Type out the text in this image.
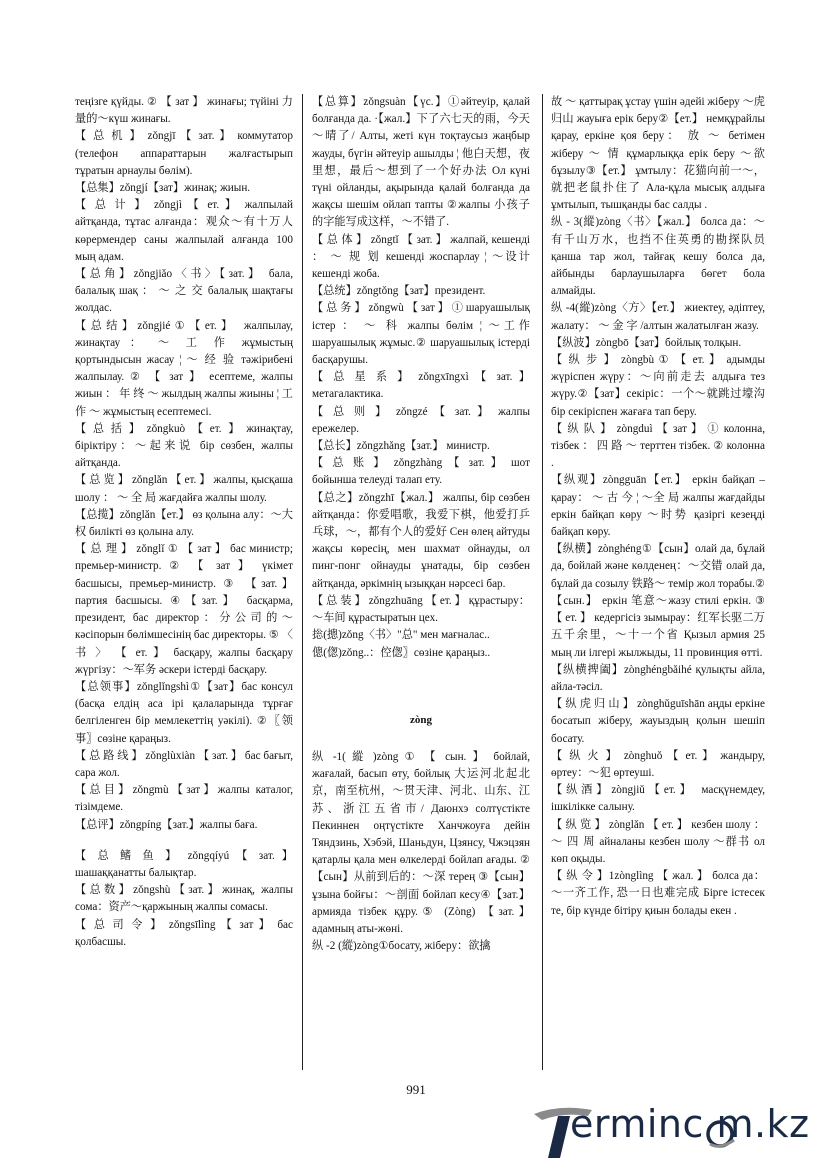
теңізге қүйды. ② 【 зат 】 жинағы; түйіні 力量的～күш жинағы.

【 总 机 】 zǒngjī 【 зат. 】 коммутатор (телефон аппараттарын жалғастырып тұратын арнаулы бөлім).

【总集】zǒngjí【зат】жинақ; жиын.

【 总 计 】 zǒngjì 【 ет. 】 жалпылай айтқанда, тұтас алғанда：观众～有十万人 көрермендер саны жалпылай алғанда 100 мың адам.

【总角】zǒngjiǎo〈书〉【зат.】 бала, балалық шақ ： ～ 之 交 балалық шақтағы жолдас.

【总结】zǒngjié①【ет.】 жалпылау, жинақтау ： ～ 工 作 жұмыстың қортындысын жасау ¦ ～ 经 验 тәжірибені жалпылау. ② 【 зат 】 есептеме, жалпы жиын ： 年 终 ～ жылдың жалпы жиыны ¦ 工 作 ～ жұмыстың есептемесі.

【总括】zǒngkuò【ет.】жинақтау, біріктіру：～起来说 бір сөзбен, жалпы айтқанда.

【 总 览 】 zǒnglǎn 【 ет. 】 жалпы, қысқаша шолу ： ～ 全 局 жағдайға жалпы шолу.

【总揽】zǒnglǎn【ет.】 өз қолына алу：～大权 билікті өз қолына алу.

【 总 理 】 zǒnglǐ ① 【 зат 】 бас министр; премьер-министр. ② 【 зат 】 үкімет басшысы, премьер-министр. ③ 【зат.】 партия басшысы. ④【зат.】 басқарма, президент, бас директор：分公司的～кәсіпорын бөлімшесінің бас директоры. ⑤ 〈 书 〉 【 ет. 】 басқару, жалпы басқару жүргізу：～军务 әскери істерді басқару.

【总领事】zǒnglǐngshì①【зат】бас консул (басқа елдің аса ірі қалаларында тұрғағ белгіленген бір мемлекеттің уәкілі). ②〖领事〗сөзіне қараңыз.

【 总 路 线 】 zǒnglùxiàn 【 зат. 】 бас бағыт, сара жол.

【总目】zǒngmù【зат】жалпы каталог, тізімдеме.

【总评】zǒngpíng【зат.】жалпы баға.

【 总 鳍 鱼 】 zǒngqíyú 【 зат. 】 шашаққанатты балықтар.

【总数】zǒngshù【зат.】жинақ, жалпы сома：资产～қаржының жалпы сомасы.

【 总 司 令 】 zǒngsīlìng 【 зат 】 бас қолбасшы.

【总算】zǒngsuàn【үс.】①әйтеуір, қалай болғанда да. ·【жал.】下了六七天的雨，今天～晴了/ Алты, жеті күн тоқтаусыз жаңбыр жауды, бүгін әйтеуір ашылды ¦ 他白天想，夜里想，最后～想到了一个好办法 Ол күні түні ойланды, ақырында қалай болғанда да жақсы шешім ойлап тапты ②жалпы 小孩子的字能写成这样，～不错了.

【 总 体 】 zǒngtǐ 【 зат. 】 жалпай, кешенді ： ～ 规 划 кешенді жоспарлау ¦ ～设计 кешенді жоба.

【总统】zǒngtǒng【зат】президент.

【 总 务 】 zǒngwù 【 зат 】 ① шаруашылық істер ： ～ 科 жалпы бөлім ¦ ～工作 шаруашылық жұмыс.② шаруашылық істерді басқарушы.

【 总 星 系 】 zǒngxīngxì 【 зат. 】 метагалактика.

【 总 则 】 zǒngzé 【 зат. 】 жалпы ережелер.

【总长】zǒngzhǎng【зат.】 министр.

【 总 账 】 zǒngzhàng 【 зат. 】 шот бойынша телеуді талап ету.

【总之】zǒngzhī【жал.】 жалпы, бір сөзбен айтқанда：你爱唱歌，我爱下棋，他爱打乒乓球，～，都有个人的爱好 Сен өлең айтуды жақсы көресің, мен шахмат ойнауды, ол пинг-понг ойнауды ұнатады, бір сөзбен айтқанда, әркімнің ызыққан нәрсесі бар.

【 总 装 】 zǒngzhuāng 【 ет. 】 құрастыру：～车间 құрастыратын цех.

捴(摠)zǒng〈书〉"总" мен мағналас..

傯(偬)zǒng..：倥偬〗сөзіне қараңыз..

zòng

纵 -1( 縱 )zòng ① 【 сын. 】 бойлай, жағалай, басып өту, бойлық 大运河北起北京，南至杭州，～贯天津、河北、山东、江苏、浙江五省市/ Даюнхэ солтүстіктe Пекиннен оңтүстікте Ханчжоуға дейін Тяндзинь, Хэбэй, Шаньдун, Цзянсу, Чжэцзян қатарлы қала мен өлкелерді бойлап ағады. ②【сын】从前到后的：～深 терең ③【сын】ұзына бойғы：～剖面 бойлап кесу④【зат.】 армияда тізбек құру.⑤ (Zòng) 【зат.】 адамның аты-жөні.

纵 -2 (縱)zòng①босату, жіберу：欲擒

故 ～ қаттырақ ұстау үшін әдейі жіберу ～虎归山 жауығa ерік беру②【ет.】 немқұрайлы қарау, еркіне қоя беру： 放 ～ бетімен жіберу ～ 情 құмарлыққа ерік беру ～欲 бұзылу③【ет.】 ұмтылу：花猫向前一～，就把老鼠扑住了 Ала-құла мысық алдыға ұмтылып, тышқанды бас салды .

纵 - 3(縱)zòng〈书〉【жал.】 болса да：～有千山万水，也挡不住英勇的勘探队员 қанша тар жол, тайғақ кешу болса да, айбынды барлаушыларға бөгет бола алмайды.

纵 -4(縱)zòng〈方〉【ет.】 жиектеу, әдіптеу, жалату： ～ 金 字 /алтын жалатылған жазу.

【纵波】zòngbō【зат】бойлық толқын.

【 纵 步 】 zòngbù ① 【 ет. 】 адымды жүріспен жүру：～向前走去 алдыға тез жүру.②【зат】секіріс：一个～就跳过壕沟 бір секіріспен жағаға тап беру.

【 纵 队 】 zòngduì 【 зат 】 ① колонна, тізбек ： 四 路 ～ терттен тізбек. ② колонна .

【纵观】zòngguān【ет.】 еркін байқап – қарау： ～ 古 今 ¦ ～全 局 жалпы жағдайды еркін байқап көру ～时势 қазіргі кезеңді байқап көру.

【纵横】zònghéng①【сын】олай да, бұлай да, бойлай және көлденең：～交错 олай да, бұлай да созылу 铁路～ темір жол торабы.②【сын.】 еркін 笔意～жазу стилі еркін. ③ 【 ет. 】 кедергісіз зымырау：红军长驱二万五千余里，～十一个省 Қызыл армия 25 мың ли ілгері жылжыды, 11 провинция өтті.

【纵横捭阖】zònghéngbǎihé қулықты айла, айла-тәсіл.

【 纵 虎 归 山 】 zònghǔguīshān аңды еркіне босатып жіберу, жауыздың қолын шешіп босату.

【 纵 火 】 zònghuǒ 【 ет. 】 жандыру, өртеу：～犯 өртеуші.

【纵酒】zòngjiǔ【ет.】 масқүнемдеу, ішкілікке салыну.

【 纵 览 】 zònglǎn 【 ет. 】 кезбен шолу ： ～ 四 周 айналаны кезбен шолу ～群书 ол көп оқыды.

【 纵 令 】1zònglìng 【 жал. 】 болса да：～一齐工作, 恐一日也难完成 Бірге істесек те, бір күнде бітіру қиын болады екен .

991
erminc m.kz
